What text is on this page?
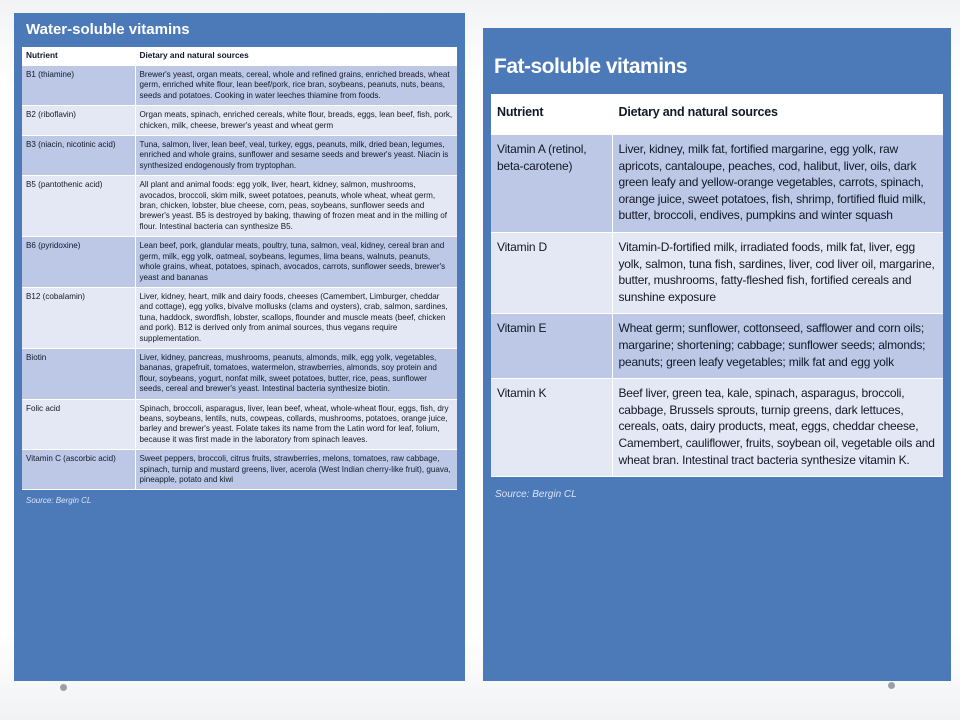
Water-soluble vitamins
Nutrient	Dietary and natural sources
B1 (thiamine)	Brewer's yeast, organ meats, cereal, whole and refined grains, enriched breads, wheat germ, enriched white flour, lean beef/pork, rice bran, soybeans, peanuts, nuts, beans, seeds and potatoes. Cooking in water leeches thiamine from foods.
B2 (riboflavin)	Organ meats, spinach, enriched cereals, white flour, breads, eggs, lean beef, fish, pork, chicken, milk, cheese, brewer's yeast and wheat germ
B3 (niacin, nicotinic acid)	Tuna, salmon, liver, lean beef, veal, turkey, eggs, peanuts, milk, dried bean, legumes, enriched and whole grains, sunflower and sesame seeds and brewer's yeast. Niacin is synthesized endogenously from tryptophan.
B5 (pantothenic acid)	All plant and animal foods: egg yolk, liver, heart, kidney, salmon, mushrooms, avocados, broccoli, skim milk, sweet potatoes, peanuts, whole wheat, wheat germ, bran, chicken, lobster, blue cheese, corn, peas, soybeans, sunflower seeds and brewer's yeast. B5 is destroyed by baking, thawing of frozen meat and in the milling of flour. Intestinal bacteria can synthesize B5.
B6 (pyridoxine)	Lean beef, pork, glandular meats, poultry, tuna, salmon, veal, kidney, cereal bran and germ, milk, egg yolk, oatmeal, soybeans, legumes, lima beans, walnuts, peanuts, whole grains, wheat, potatoes, spinach, avocados, carrots, sunflower seeds, brewer's yeast and bananas
B12 (cobalamin)	Liver, kidney, heart, milk and dairy foods, cheeses (Camembert, Limburger, cheddar and cottage), egg yolks, bivalve mollusks (clams and oysters), crab, salmon, sardines, tuna, haddock, swordfish, lobster, scallops, flounder and muscle meats (beef, chicken and pork). B12 is derived only from animal sources, thus vegans require supplementation.
Biotin	Liver, kidney, pancreas, mushrooms, peanuts, almonds, milk, egg yolk, vegetables, bananas, grapefruit, tomatoes, watermelon, strawberries, almonds, soy protein and flour, soybeans, yogurt, nonfat milk, sweet potatoes, butter, rice, peas, sunflower seeds, cereal and brewer's yeast. Intestinal bacteria synthesize biotin.
Folic acid	Spinach, broccoli, asparagus, liver, lean beef, wheat, whole-wheat flour, eggs, fish, dry beans, soybeans, lentils, nuts, cowpeas, collards, mushrooms, potatoes, orange juice, barley and brewer's yeast. Folate takes its name from the Latin word for leaf, folium, because it was first made in the laboratory from spinach leaves.
Vitamin C (ascorbic acid)	Sweet peppers, broccoli, citrus fruits, strawberries, melons, tomatoes, raw cabbage, spinach, turnip and mustard greens, liver, acerola (West Indian cherry-like fruit), guava, pineapple, potato and kiwi
Source: Bergin CL
Fat-soluble vitamins
Nutrient	Dietary and natural sources
Vitamin A (retinol, beta-carotene)	Liver, kidney, milk fat, fortified margarine, egg yolk, raw apricots, cantaloupe, peaches, cod, halibut, liver, oils, dark green leafy and yellow-orange vegetables, carrots, spinach, orange juice, sweet potatoes, fish, shrimp, fortified fluid milk, butter, broccoli, endives, pumpkins and winter squash
Vitamin D	Vitamin-D-fortified milk, irradiated foods, milk fat, liver, egg yolk, salmon, tuna fish, sardines, liver, cod liver oil, margarine, butter, mushrooms, fatty-fleshed fish, fortified cereals and sunshine exposure
Vitamin E	Wheat germ; sunflower, cottonseed, safflower and corn oils; margarine; shortening; cabbage; sunflower seeds; almonds; peanuts; green leafy vegetables; milk fat and egg yolk
Vitamin K	Beef liver, green tea, kale, spinach, asparagus, broccoli, cabbage, Brussels sprouts, turnip greens, dark lettuces, cereals, oats, dairy products, meat, eggs, cheddar cheese, Camembert, cauliflower, fruits, soybean oil, vegetable oils and wheat bran. Intestinal tract bacteria synthesize vitamin K.
Source: Bergin CL
